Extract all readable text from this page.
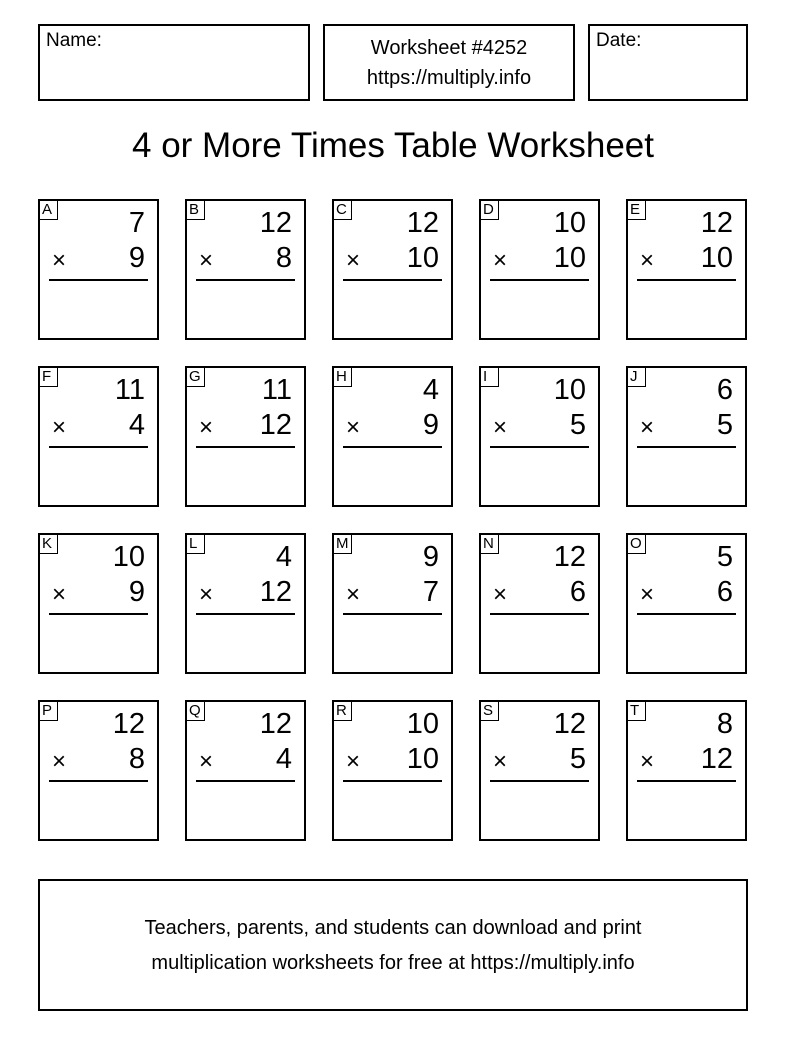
Name:	Worksheet #4252
https://multiply.info
Date:
4 or More Times Table Worksheet
A	7
× 9
B 12
× 8
C 12
× 10
D 10
× 10
E 12
× 10
F 11
× 4
G 11
× 12
H	4
× 9
I	10
× 5
J	6
× 5
K 10
× 9
L	4
× 12
M	9
× 7
N 12
× 6
O	5
× 6
P 12
× 8
Q 12
× 4
R 10
× 10
S 12
× 5
T	8
× 12
Teachers, parents, and students can download and print
multiplication worksheets for free at https://multiply.info
